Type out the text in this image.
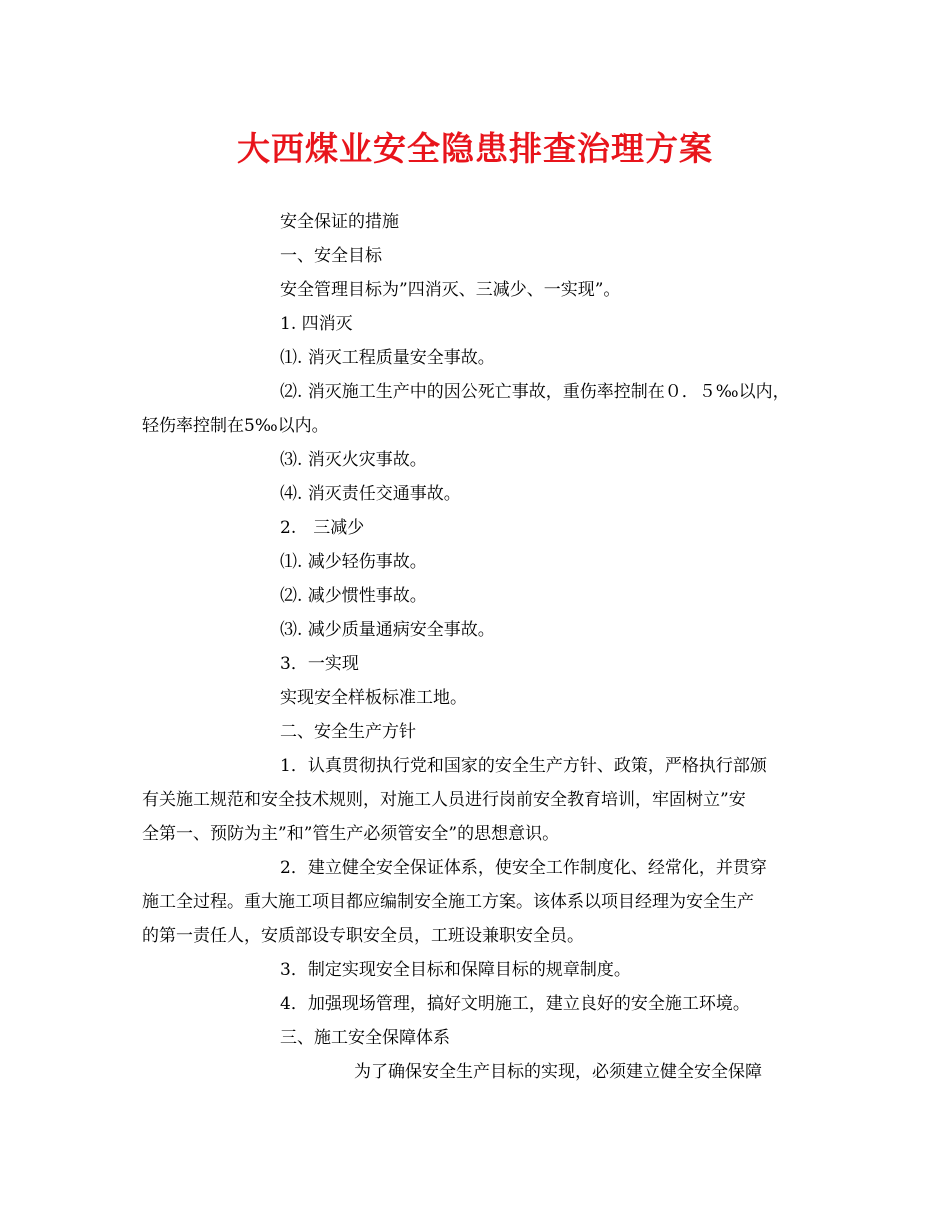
大西煤业安全隐患排查治理方案
安全保证的措施
一、安全目标
安全管理目标为”四消灭、三减少、一实现”。
1. 四消灭
⑴. 消灭工程质量安全事故。
⑵. 消灭施工生产中的因公死亡事故，重伤率控制在０．５‰以内，
轻伤率控制在5‰以内。
⑶. 消灭火灾事故。
⑷. 消灭责任交通事故。
2.　三减少
⑴. 减少轻伤事故。
⑵. 减少惯性事故。
⑶. 减少质量通病安全事故。
3．一实现
实现安全样板标准工地。
二、安全生产方针
1．认真贯彻执行党和国家的安全生产方针、政策，严格执行部颁
有关施工规范和安全技术规则，对施工人员进行岗前安全教育培训，牢固树立”安
全第一、预防为主”和”管生产必须管安全”的思想意识。
2．建立健全安全保证体系，使安全工作制度化、经常化，并贯穿
施工全过程。重大施工项目都应编制安全施工方案。该体系以项目经理为安全生产
的第一责任人，安质部设专职安全员，工班设兼职安全员。
3．制定实现安全目标和保障目标的规章制度。
4．加强现场管理，搞好文明施工，建立良好的安全施工环境。
三、施工安全保障体系
为了确保安全生产目标的实现，必须建立健全安全保障
